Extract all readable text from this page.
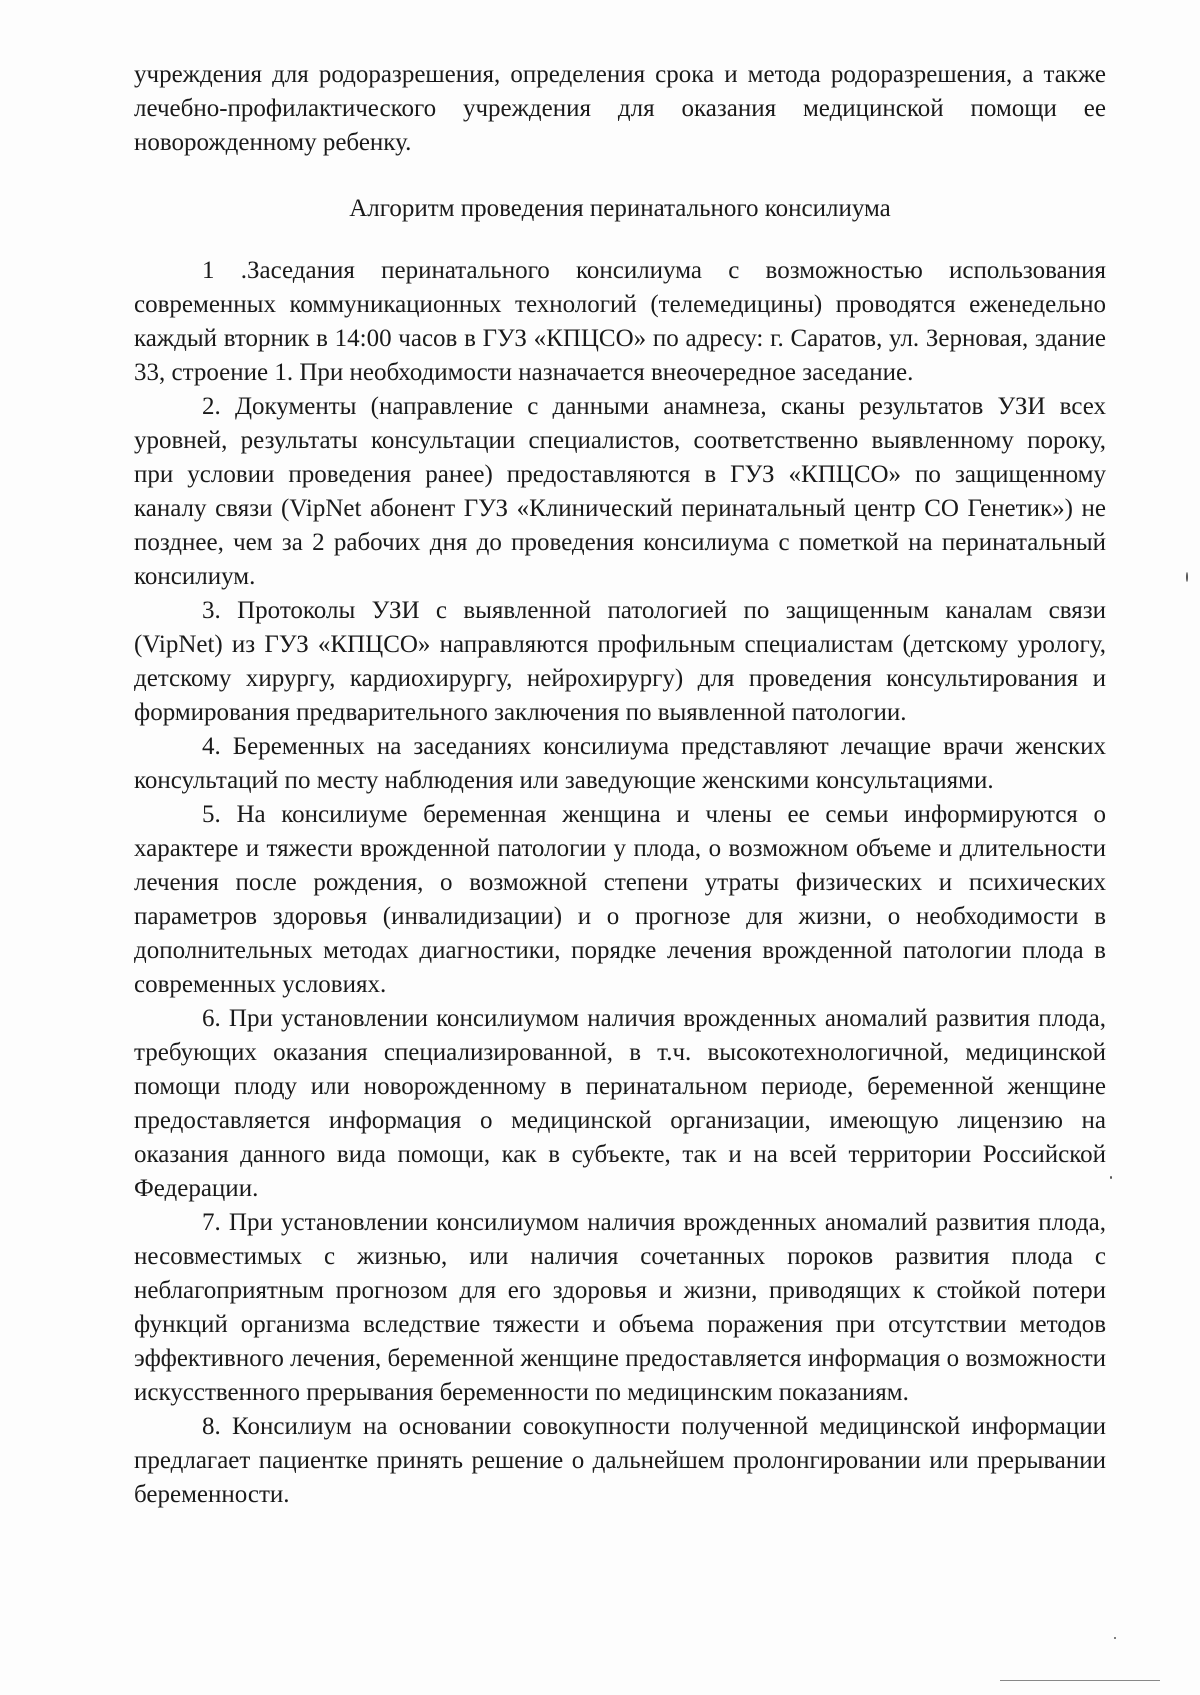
учреждения для родоразрешения, определения срока и метода родоразрешения, а также лечебно-профилактического учреждения для оказания медицинской помощи ее новорожденному ребенку.

Алгоритм проведения перинатального консилиума

1 .Заседания перинатального консилиума с возможностью использования современных коммуникационных технологий (телемедицины) проводятся еженедельно каждый вторник в 14:00 часов в ГУЗ «КПЦСО» по адресу: г. Саратов, ул. Зерновая, здание 33, строение 1. При необходимости назначается внеочередное заседание.

2. Документы (направление с данными анамнеза, сканы результатов УЗИ всех уровней, результаты консультации специалистов, соответственно выявленному пороку, при условии проведения ранее) предоставляются в ГУЗ «КПЦСО» по защищенному каналу связи (VipNet абонент ГУЗ «Клинический перинатальный центр СО Генетик») не позднее, чем за 2 рабочих дня до проведения консилиума с пометкой на перинатальный консилиум.

3. Протоколы УЗИ с выявленной патологией по защищенным каналам связи (VipNet) из ГУЗ «КПЦСО» направляются профильным специалистам (детскому урологу, детскому хирургу, кардиохирургу, нейрохирургу) для проведения консультирования и формирования предварительного заключения по выявленной патологии.

4. Беременных на заседаниях консилиума представляют лечащие врачи женских консультаций по месту наблюдения или заведующие женскими консультациями.

5. На консилиуме беременная женщина и члены ее семьи информируются о характере и тяжести врожденной патологии у плода, о возможном объеме и длительности лечения после рождения, о возможной степени утраты физических и психических параметров здоровья (инвалидизации) и о прогнозе для жизни, о необходимости в дополнительных методах диагностики, порядке лечения врожденной патологии плода в современных условиях.

6. При установлении консилиумом наличия врожденных аномалий развития плода, требующих оказания специализированной, в т.ч. высокотехнологичной, медицинской помощи плоду или новорожденному в перинатальном периоде, беременной женщине предоставляется информация о медицинской организации, имеющую лицензию на оказания данного вида помощи, как в субъекте, так и на всей территории Российской Федерации.

7. При установлении консилиумом наличия врожденных аномалий развития плода, несовместимых с жизнью, или наличия сочетанных пороков развития плода с неблагоприятным прогнозом для его здоровья и жизни, приводящих к стойкой потери функций организма вследствие тяжести и объема поражения при отсутствии методов эффективного лечения, беременной женщине предоставляется информация о возможности искусственного прерывания беременности по медицинским показаниям.

8. Консилиум на основании совокупности полученной медицинской информации предлагает пациентке принять решение о дальнейшем пролонгировании или прерывании беременности.
